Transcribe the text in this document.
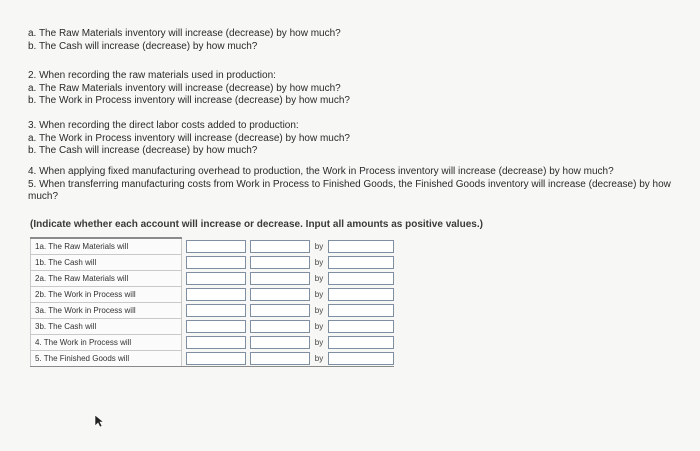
a. The Raw Materials inventory will increase (decrease) by how much?
b. The Cash will increase (decrease) by how much?
2. When recording the raw materials used in production:
a. The Raw Materials inventory will increase (decrease) by how much?
b. The Work in Process inventory will increase (decrease) by how much?
3. When recording the direct labor costs added to production:
a. The Work in Process inventory will increase (decrease) by how much?
b. The Cash will increase (decrease) by how much?
4. When applying fixed manufacturing overhead to production, the Work in Process inventory will increase (decrease) by how much?
5. When transferring manufacturing costs from Work in Process to Finished Goods, the Finished Goods inventory will increase (decrease) by how much?
(Indicate whether each account will increase or decrease. Input all amounts as positive values.)
1a. The Raw Materials will					by	

1b. The Cash will					by	

2a. The Raw Materials will					by	

2b. The Work in Process will					by	

3a. The Work in Process will					by	

3b. The Cash will					by	

4. The Work in Process will					by	

5. The Finished Goods will					by	
